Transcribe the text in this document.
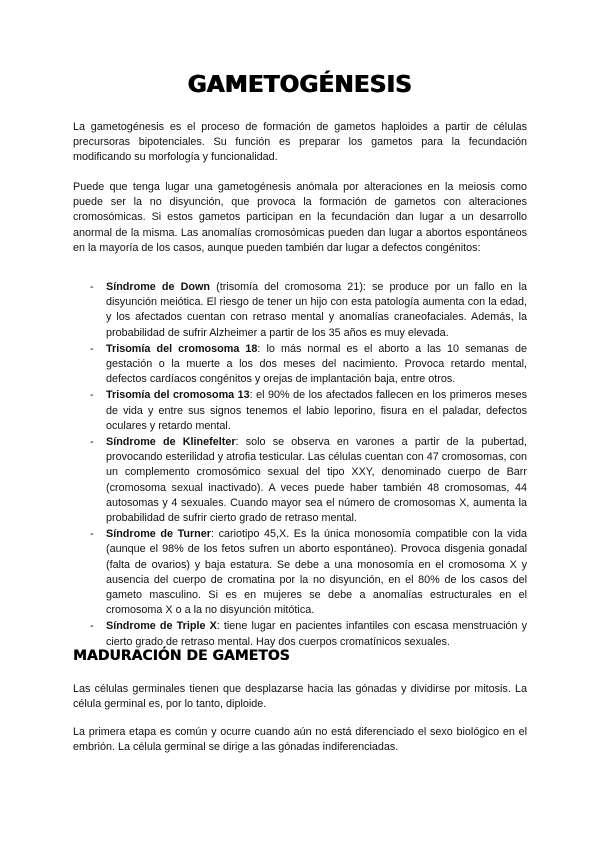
GAMETOGÉNESIS

La gametogénesis es el proceso de formación de gametos haploides a partir de células precursoras bipotenciales. Su función es preparar los gametos para la fecundación modificando su morfología y funcionalidad.

Puede que tenga lugar una gametogénesis anómala por alteraciones en la meiosis como puede ser la no disyunción, que provoca la formación de gametos con alteraciones cromosómicas. Si estos gametos participan en la fecundación dan lugar a un desarrollo anormal de la misma. Las anomalías cromosómicas pueden dan lugar a abortos espontáneos en la mayoría de los casos, aunque pueden también dar lugar a defectos congénitos:

- Síndrome de Down (trisomía del cromosoma 21): se produce por un fallo en la disyunción meiótica. El riesgo de tener un hijo con esta patología aumenta con la edad, y los afectados cuentan con retraso mental y anomalías craneofaciales. Además, la probabilidad de sufrir Alzheimer a partir de los 35 años es muy elevada.
- Trisomía del cromosoma 18: lo más normal es el aborto a las 10 semanas de gestación o la muerte a los dos meses del nacimiento. Provoca retardo mental, defectos cardíacos congénitos y orejas de implantación baja, entre otros.
- Trisomía del cromosoma 13: el 90% de los afectados fallecen en los primeros meses de vida y entre sus signos tenemos el labio leporino, fisura en el paladar, defectos oculares y retardo mental.
- Síndrome de Klinefelter: solo se observa en varones a partir de la pubertad, provocando esterilidad y atrofia testicular. Las células cuentan con 47 cromosomas, con un complemento cromosómico sexual del tipo XXY, denominado cuerpo de Barr (cromosoma sexual inactivado). A veces puede haber también 48 cromosomas, 44 autosomas y 4 sexuales. Cuando mayor sea el número de cromosomas X, aumenta la probabilidad de sufrir cierto grado de retraso mental.
- Síndrome de Turner: cariotipo 45,X. Es la única monosomía compatible con la vida (aunque el 98% de los fetos sufren un aborto espontáneo). Provoca disgenia gonadal (falta de ovarios) y baja estatura. Se debe a una monosomía en el cromosoma X y ausencia del cuerpo de cromatina por la no disyunción, en el 80% de los casos del gameto masculino. Si es en mujeres se debe a anomalías estructurales en el cromosoma X o a la no disyunción mitótica.
- Síndrome de Triple X: tiene lugar en pacientes infantiles con escasa menstruación y cierto grado de retraso mental. Hay dos cuerpos cromatínicos sexuales.
MADURACIÓN DE GAMETOS

Las células germinales tienen que desplazarse hacia las gónadas y dividirse por mitosis. La célula germinal es, por lo tanto, diploide.

La primera etapa es común y ocurre cuando aún no está diferenciado el sexo biológico en el embrión. La célula germinal se dirige a las gónadas indiferenciadas.
